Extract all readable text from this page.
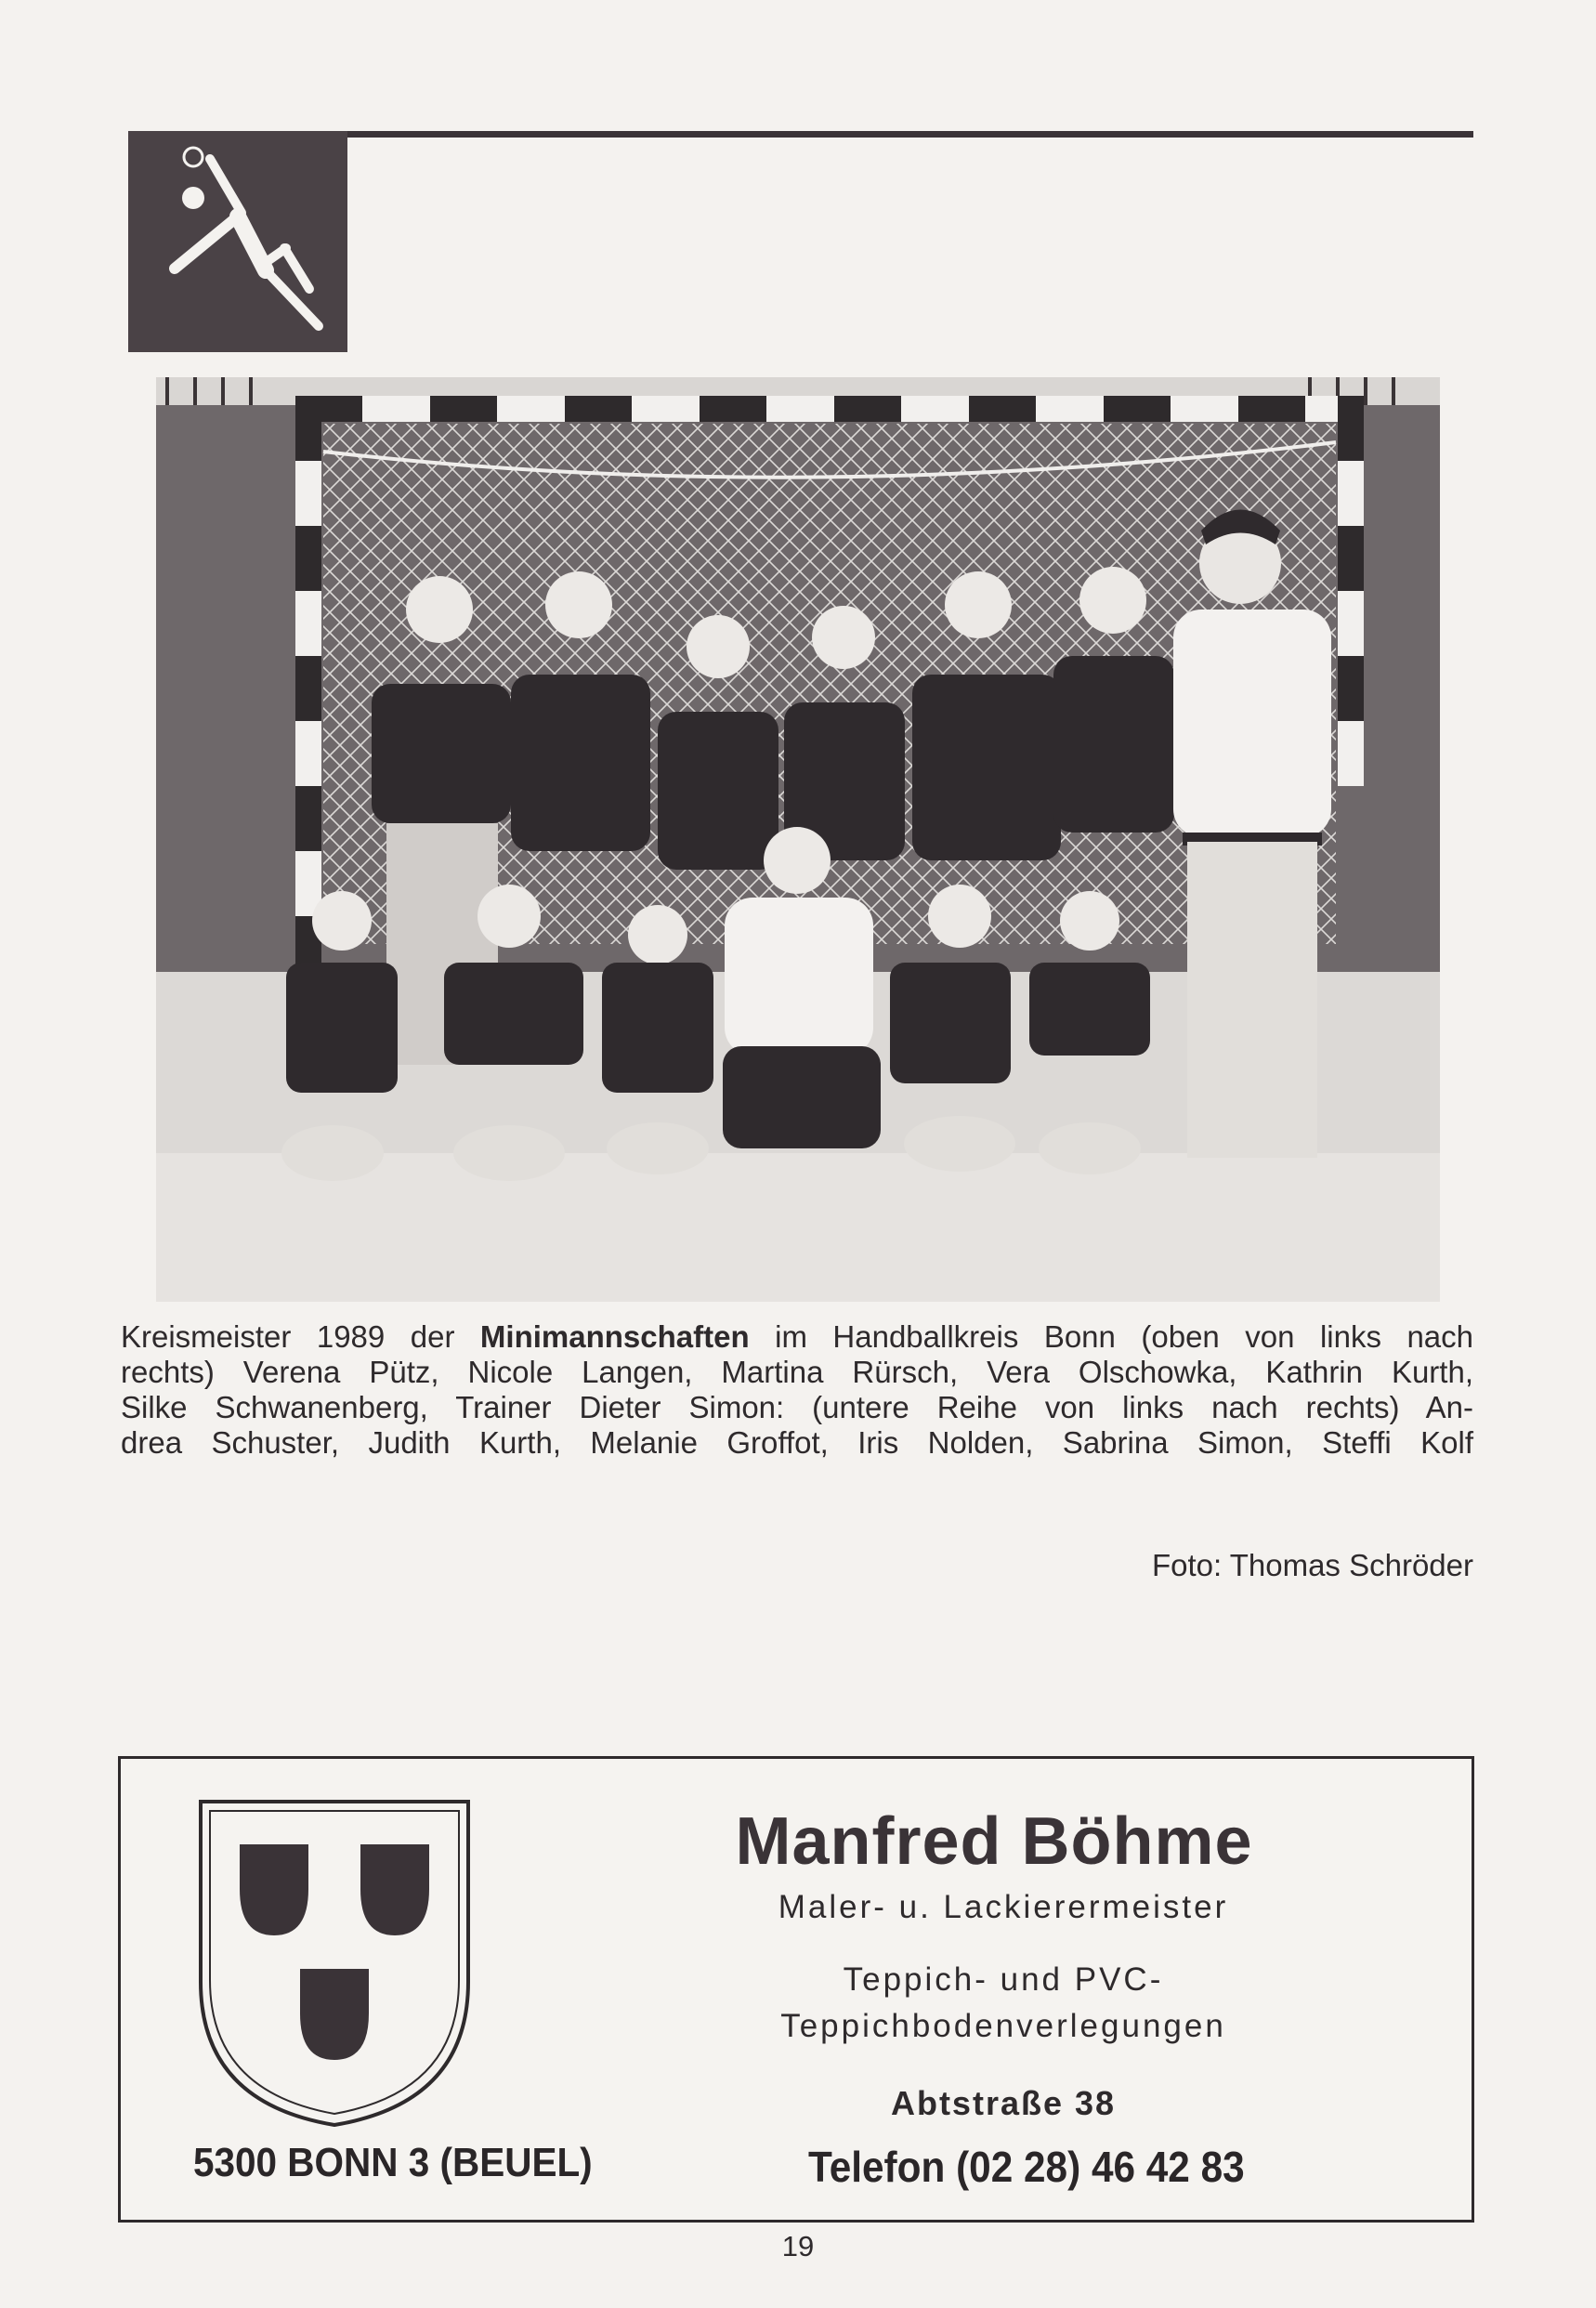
Kreismeister 1989 der Minimannschaften im Handballkreis Bonn (oben von links nach
rechts) Verena Pütz, Nicole Langen, Martina Rürsch, Vera Olschowka, Kathrin Kurth,
Silke Schwanenberg, Trainer Dieter Simon: (untere Reihe von links nach rechts) An-
drea Schuster, Judith Kurth, Melanie Groffot, Iris Nolden, Sabrina Simon, Steffi Kolf
Foto: Thomas Schröder
5300 BONN 3 (BEUEL)
Manfred Böhme
Maler- u. Lackierermeister
Teppich- und PVC-
Teppichbodenverlegungen
Abtstraße 38
Telefon (02 28) 46 42 83
19
